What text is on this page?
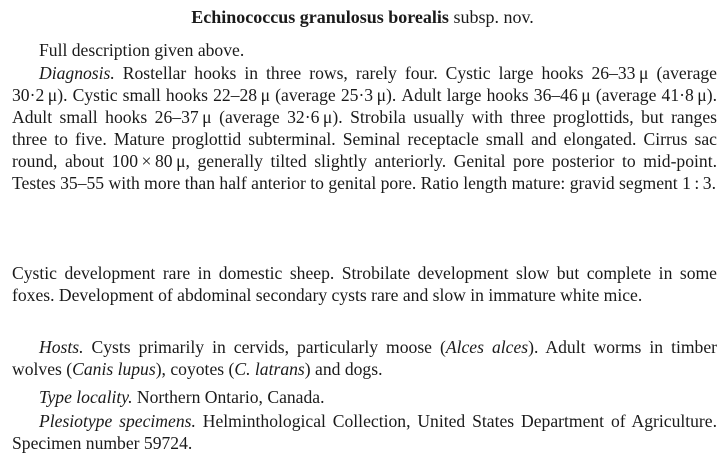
Echinococcus granulosus borealis subsp. nov.

Full description given above.

Diagnosis. Rostellar hooks in three rows, rarely four. Cystic large hooks 26–33 μ (average 30·2 μ). Cystic small hooks 22–28 μ (average 25·3 μ). Adult large hooks 36–46 μ (average 41·8 μ). Adult small hooks 26–37 μ (average 32·6 μ). Strobila usually with three proglottids, but ranges three to five. Mature proglottid subterminal. Seminal receptacle small and elongated. Cirrus sac round, about 100 × 80 μ, generally tilted slightly anteriorly. Genital pore posterior to mid-point. Testes 35–55 with more than half anterior to genital pore. Ratio length mature: gravid segment 1 : 3.

Cystic development rare in domestic sheep. Strobilate development slow but complete in some foxes. Development of abdominal secondary cysts rare and slow in immature white mice.

Hosts. Cysts primarily in cervids, particularly moose (Alces alces). Adult worms in timber wolves (Canis lupus), coyotes (C. latrans) and dogs.

Type locality. Northern Ontario, Canada.

Plesiotype specimens. Helminthological Collection, United States Department of Agriculture. Specimen number 59724.
